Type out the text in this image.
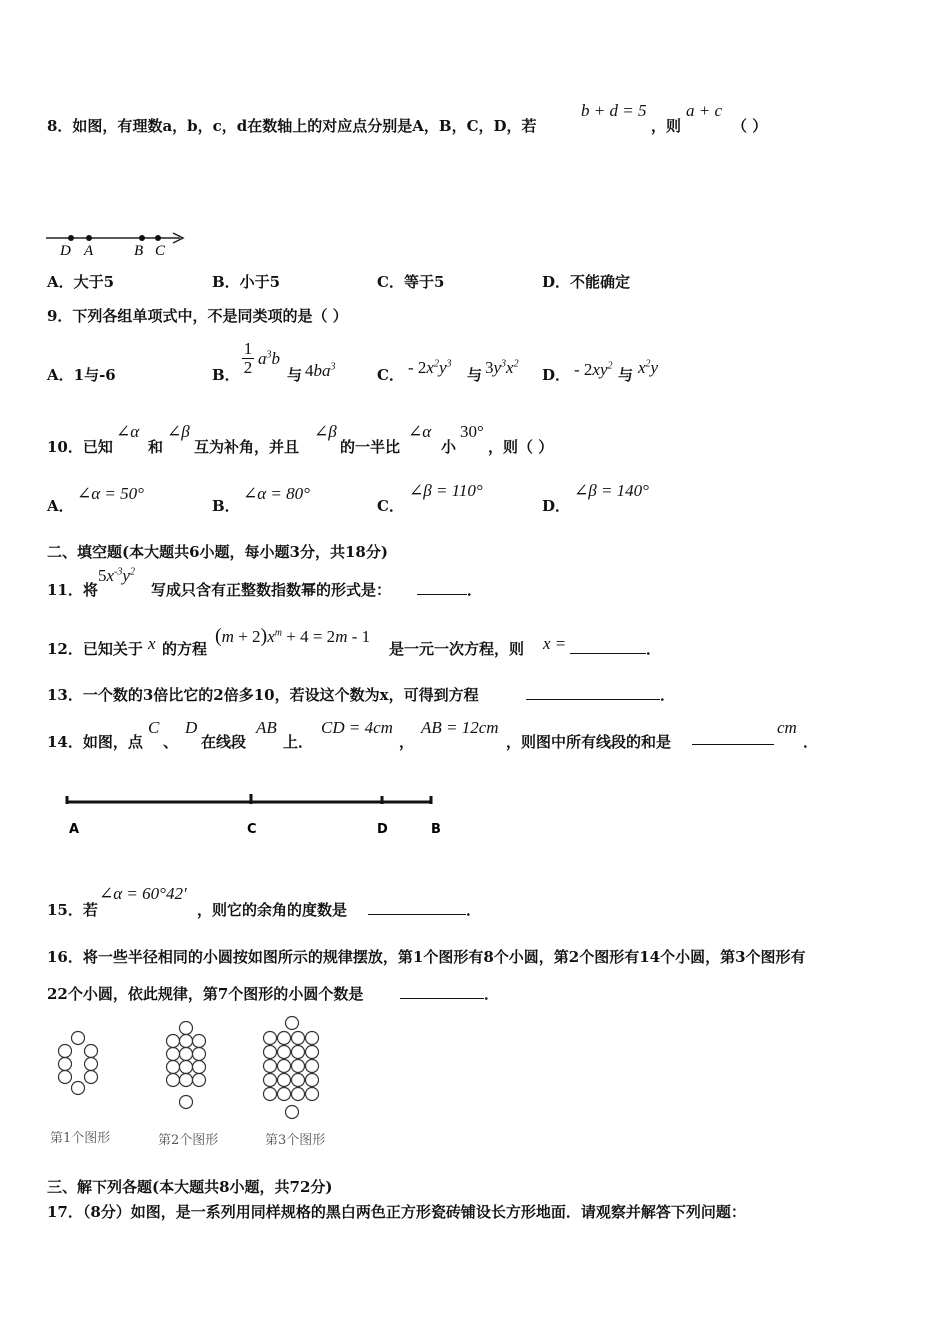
8．如图，有理数a，b，c，d在数轴上的对应点分别是A，B，C，D，若
b + d = 5
，则
a + c
（ ）
D A	B C
A．大于5	B．小于5	C．等于5	D．不能确定
9．下列各组单项式中，不是同类项的是（ ）
A．1与-6	B． $\frac{1}{2} a^3b$
与 $4ba^3$	C． - $2x^2y^3$
与 $3y^3x^2$
D． - $2xy^2$
与 $x^2y$
10．已知
∠α
和
∠β
互为补角，并且
∠β
的一半比
∠α
小
30°
，则（ ）
A．
∠α = 50°
B．
∠α = 80°
C．
∠β = 110°
D．
∠β = 140°
二、填空题(本大题共6小题，每小题3分，共18分)
11．将
$5x^{-3}y^2$
写成只含有正整数指数幂的形式是：	．
12．已知关于 x 的方程
$(m + 2)x^m + 4 = 2m - 1$
是一元一次方程，则 x =	．
13．一个数的3倍比它的2倍多10，若设这个数为x，可得到方程	．
14．如图，点
C
、
D
在线段
AB
上．
CD = 4cm
，
AB = 12cm
，则图中所有线段的和是
cm
．
A	C	D	B
15．若
∠α = 60°42′
，则它的余角的度数是	．
16．将一些半径相同的小圆按如图所示的规律摆放，第1个图形有8个小圆，第2个图形有14个小圆，第3个图形有
22个小圆，依此规律，第7个图形的小圆个数是	．
第1个图形	第2个图形	第3个图形
三、解下列各题(本大题共8小题，共72分)
17．（8分）如图，是一系列用同样规格的黑白两色正方形瓷砖铺设长方形地面．请观察并解答下列问题：
